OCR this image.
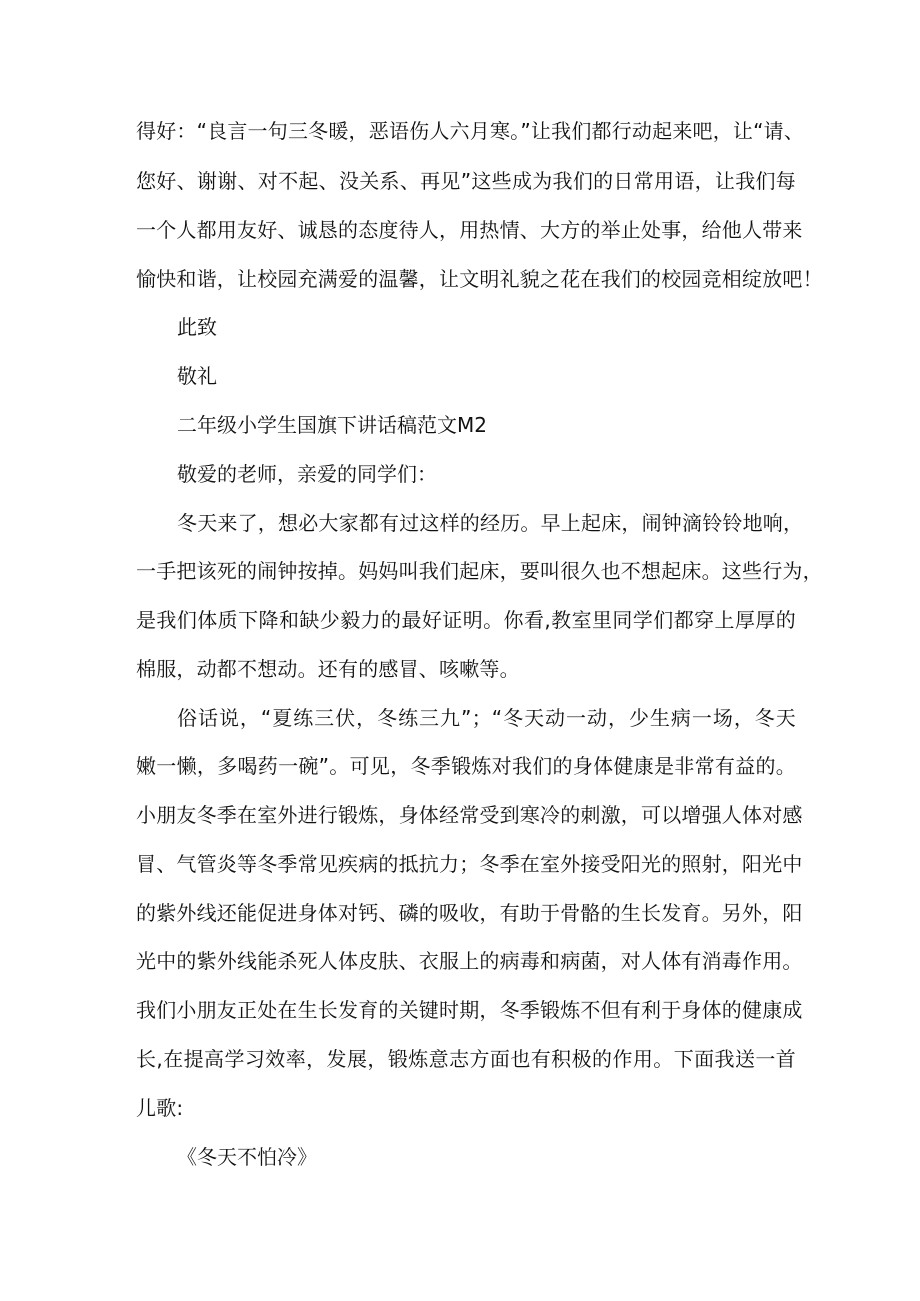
得好：“良言一句三冬暖，恶语伤人六月寒。”让我们都行动起来吧，让“请、
您好、谢谢、对不起、没关系、再见”这些成为我们的日常用语，让我们每
一个人都用友好、诚恳的态度待人，用热情、大方的举止处事，给他人带来
愉快和谐，让校园充满爱的温馨，让文明礼貌之花在我们的校园竞相绽放吧！
此致
敬礼
二年级小学生国旗下讲话稿范文M2
敬爱的老师，亲爱的同学们：
冬天来了，想必大家都有过这样的经历。早上起床，闹钟滴铃铃地响，
一手把该死的闹钟按掉。妈妈叫我们起床，要叫很久也不想起床。这些行为，
是我们体质下降和缺少毅力的最好证明。你看,教室里同学们都穿上厚厚的
棉服，动都不想动。还有的感冒、咳嗽等。
俗话说，“夏练三伏，冬练三九”；“冬天动一动，少生病一场，冬天
嫩一懒，多喝药一碗”。可见，冬季锻炼对我们的身体健康是非常有益的。
小朋友冬季在室外进行锻炼，身体经常受到寒冷的刺激，可以增强人体对感
冒、气管炎等冬季常见疾病的抵抗力；冬季在室外接受阳光的照射，阳光中
的紫外线还能促进身体对钙、磷的吸收，有助于骨骼的生长发育。另外，阳
光中的紫外线能杀死人体皮肤、衣服上的病毒和病菌，对人体有消毒作用。
我们小朋友正处在生长发育的关键时期，冬季锻炼不但有利于身体的健康成
长,在提高学习效率，发展，锻炼意志方面也有积极的作用。下面我送一首
儿歌:
《冬天不怕冷》
